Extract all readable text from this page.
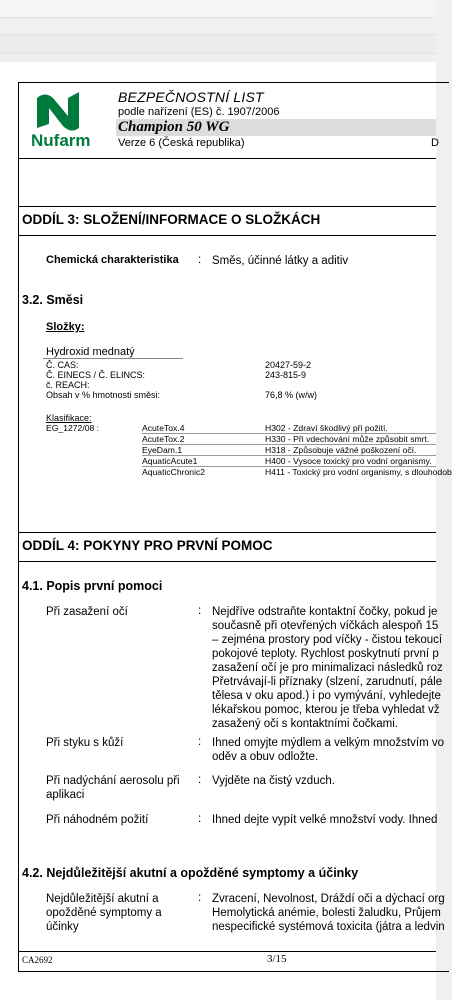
Nufarm
BEZPEČNOSTNÍ LIST
podle nařízení (ES) č. 1907/2006
Champion 50 WG
Verze 6 (Česká republika)	D
ODDÍL 3: SLOŽENÍ/INFORMACE O SLOŽKÁCH
Chemická charakteristika : Směs, účinné látky a aditiv
3.2. Směsi
Složky:
Hydroxid mednatý
Č. CAS:	20427-59-2
Č. EINECS / Č. ELINCS:	243-815-9
č. REACH:
Obsah v % hmotnosti směsi:	76,8 % (w/w)
Klasifikace:
EG_1272/08 :	AcuteTox.4	H302 - Zdraví škodlivý při požití.
AcuteTox.2	H330 - Při vdechování může způsobit smrt.
EyeDam.1	H318 - Způsobuje vážné poškození očí.
AquaticAcute1	H400 - Vysoce toxický pro vodní organismy.
AquaticChronic2	H411 - Toxický pro vodní organismy, s dlouhodob
ODDÍL 4: POKYNY PRO PRVNÍ POMOC
4.1. Popis první pomoci
Při zasažení očí	: Nejdříve odstraňte kontaktní čočky, pokud je
současně při otevřených víčkách alespoň 15
– zejména prostory pod víčky - čistou tekoucí
pokojové teploty. Rychlost poskytnutí první p
zasažení očí je pro minimalizaci následků roz
Přetrvávají-li příznaky (slzení, zarudnutí, pále
tělesa v oku apod.) i po vymývání, vyhledejte
lékařskou pomoc, kterou je třeba vyhledat vž
zasažený oči s kontaktními čočkami.
Při styku s kůží	: Ihned omyjte mýdlem a velkým množstvím vo
oděv a obuv odložte.
Při nadýchání aerosolu při
aplikaci
: Vyjděte na čistý vzduch.
Při náhodném požití	: Ihned dejte vypít velké množství vody. Ihned
4.2. Nejdůležitější akutní a opožděné symptomy a účinky
Nejdůležitější akutní a
opožděné symptomy a
účinky
: Zvracení, Nevolnost, Dráždí oči a dýchací org
Hemolytická anémie, bolesti žaludku, Průjem
nespecifické systémová toxicita (játra a ledvin
CA2692	3/15
